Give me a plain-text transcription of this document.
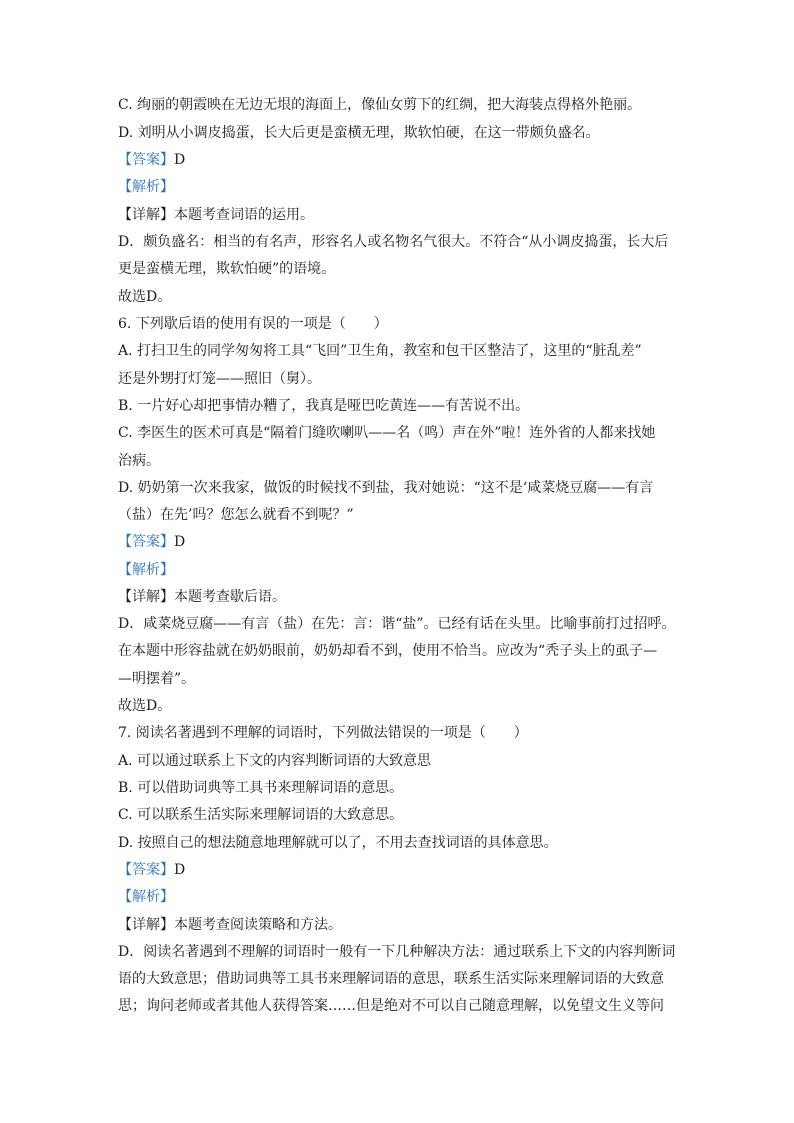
C. 绚丽的朝霞映在无边无垠的海面上，像仙女剪下的红绸，把大海装点得格外艳丽。
D. 刘明从小调皮捣蛋，长大后更是蛮横无理，欺软怕硬，在这一带颇负盛名。
【答案】D
【解析】
【详解】本题考查词语的运用。
D．颇负盛名：相当的有名声，形容名人或名物名气很大。不符合“从小调皮捣蛋，长大后
更是蛮横无理，欺软怕硬”的语境。
故选D。
6. 下列歇后语的使用有误的一项是（　　）
A. 打扫卫生的同学匆匆将工具“飞回”卫生角，教室和包干区整洁了，这里的“脏乱差”
还是外甥打灯笼——照旧（舅）。
B. 一片好心却把事情办糟了，我真是哑巴吃黄连——有苦说不出。
C. 李医生的医术可真是“隔着门缝吹喇叭——名（鸣）声在外”啦！连外省的人都来找她
治病。
D. 奶奶第一次来我家，做饭的时候找不到盐，我对她说：“这不是‘咸菜烧豆腐——有言
（盐）在先’吗？您怎么就看不到呢？”
【答案】D
【解析】
【详解】本题考查歇后语。
D．咸菜烧豆腐——有言（盐）在先：言：谐“盐”。已经有话在头里。比喻事前打过招呼。
在本题中形容盐就在奶奶眼前，奶奶却看不到，使用不恰当。应改为“秃子头上的虱子—
—明摆着”。
故选D。
7. 阅读名著遇到不理解的词语时，下列做法错误的一项是（　　）
A. 可以通过联系上下文的内容判断词语的大致意思
B. 可以借助词典等工具书来理解词语的意思。
C. 可以联系生活实际来理解词语的大致意思。
D. 按照自己的想法随意地理解就可以了，不用去查找词语的具体意思。
【答案】D
【解析】
【详解】本题考查阅读策略和方法。
D．阅读名著遇到不理解的词语时一般有一下几种解决方法：通过联系上下文的内容判断词
语的大致意思；借助词典等工具书来理解词语的意思，联系生活实际来理解词语的大致意
思；询问老师或者其他人获得答案……但是绝对不可以自己随意理解，以免望文生义等问
